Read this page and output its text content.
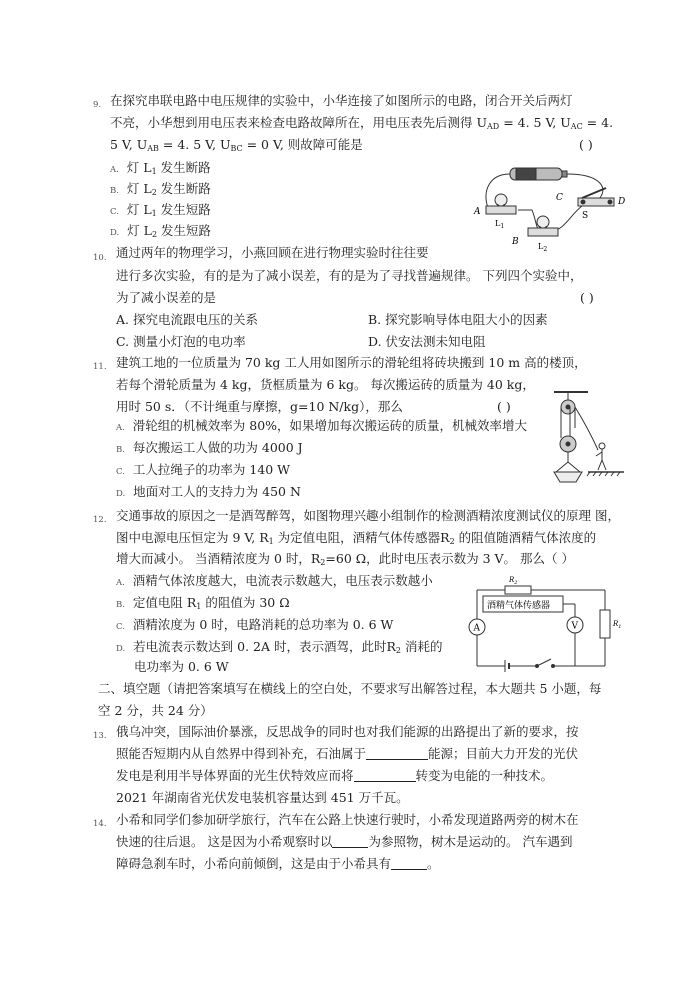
9. 在探究串联电路中电压规律的实验中，小华连接了如图所示的电路，闭合开关后两灯
不亮，小华想到用电压表来检查电路故障所在，用电压表先后测得 $U_{AD} = 4$. 5 V, $U_{AC} = 4$.
5 V, $U_{AB} = 4$. 5 V, $U_{BC} = 0$ V, 则故障可能是	( )
A. 灯 $L_1$ 发生断路
B. 灯 $L_2$ 发生断路
C. 灯 $L_1$ 发生短路
D. 灯 $L_2$ 发生短路
A
B
C	D
S
$L_1$
$L_2$
10. 通过两年的物理学习，小燕回顾在进行物理实验时往往要
进行多次实验，有的是为了减小误差，有的是为了寻找普遍规律。 下列四个实验中，
为了减小误差的是	( )
A. 探究电流跟电压的关系	B. 探究影响导体电阻大小的因素
C. 测量小灯泡的电功率	D. 伏安法测未知电阻
11. 建筑工地的一位质量为 70 kg 工人用如图所示的滑轮组将砖块搬到 10 m 高的楼顶，
若每个滑轮质量为 4 kg，货框质量为 6 kg。 每次搬运砖的质量为 40 kg，
用时 50 s．（不计绳重与摩擦，g=10 N/kg），那么	( )
A. 滑轮组的机械效率为 80%，如果增加每次搬运砖的质量，机械效率增大
B. 每次搬运工人做的功为 4000 J
C. 工人拉绳子的功率为 140 W
D. 地面对工人的支持力为 450 N
12. 交通事故的原因之一是酒驾醉驾，如图物理兴趣小组制作的检测酒精浓度测试仪的原理 图，
图中电源电压恒定为 9 V, $R_1$ 为定值电阻，酒精气体传感器$R_2$ 的阻值随酒精气体浓度的
增大而减小。 当酒精浓度为 0 时，$R_2=60$ Ω，此时电压表示数为 3 V。 那么（ ）
A. 酒精气体浓度越大，电流表示数越大，电压表示数越小
B. 定值电阻 $R_1$ 的阻值为 30 Ω
C. 酒精浓度为 0 时，电路消耗的总功率为 0. 6 W
D. 若电流表示数达到 0. 2A 时，表示酒驾，此时$R_2$ 消耗的
电功率为 0. 6 W
$R_2$
酒精气体传感器
$R_1$
A	V
二、填空题（请把答案填写在横线上的空白处，不要求写出解答过程，本大题共 5 小题，每
空 2 分，共 24 分）
13. 俄乌冲突，国际油价暴涨，反思战争的同时也对我们能源的出路提出了新的要求，按
照能否短期内从自然界中得到补充，石油属于	能源；目前大力开发的光伏
发电是利用半导体界面的光生伏特效应而将	转变为电能的一种技术。
2021 年湖南省光伏发电装机容量达到 451 万千瓦。
14. 小希和同学们参加研学旅行，汽车在公路上快速行驶时，小希发现道路两旁的树木在
快速的往后退。 这是因为小希观察时以	为参照物，树木是运动的。 汽车遇到
障碍急刹车时，小希向前倾倒，这是由于小希具有	。
